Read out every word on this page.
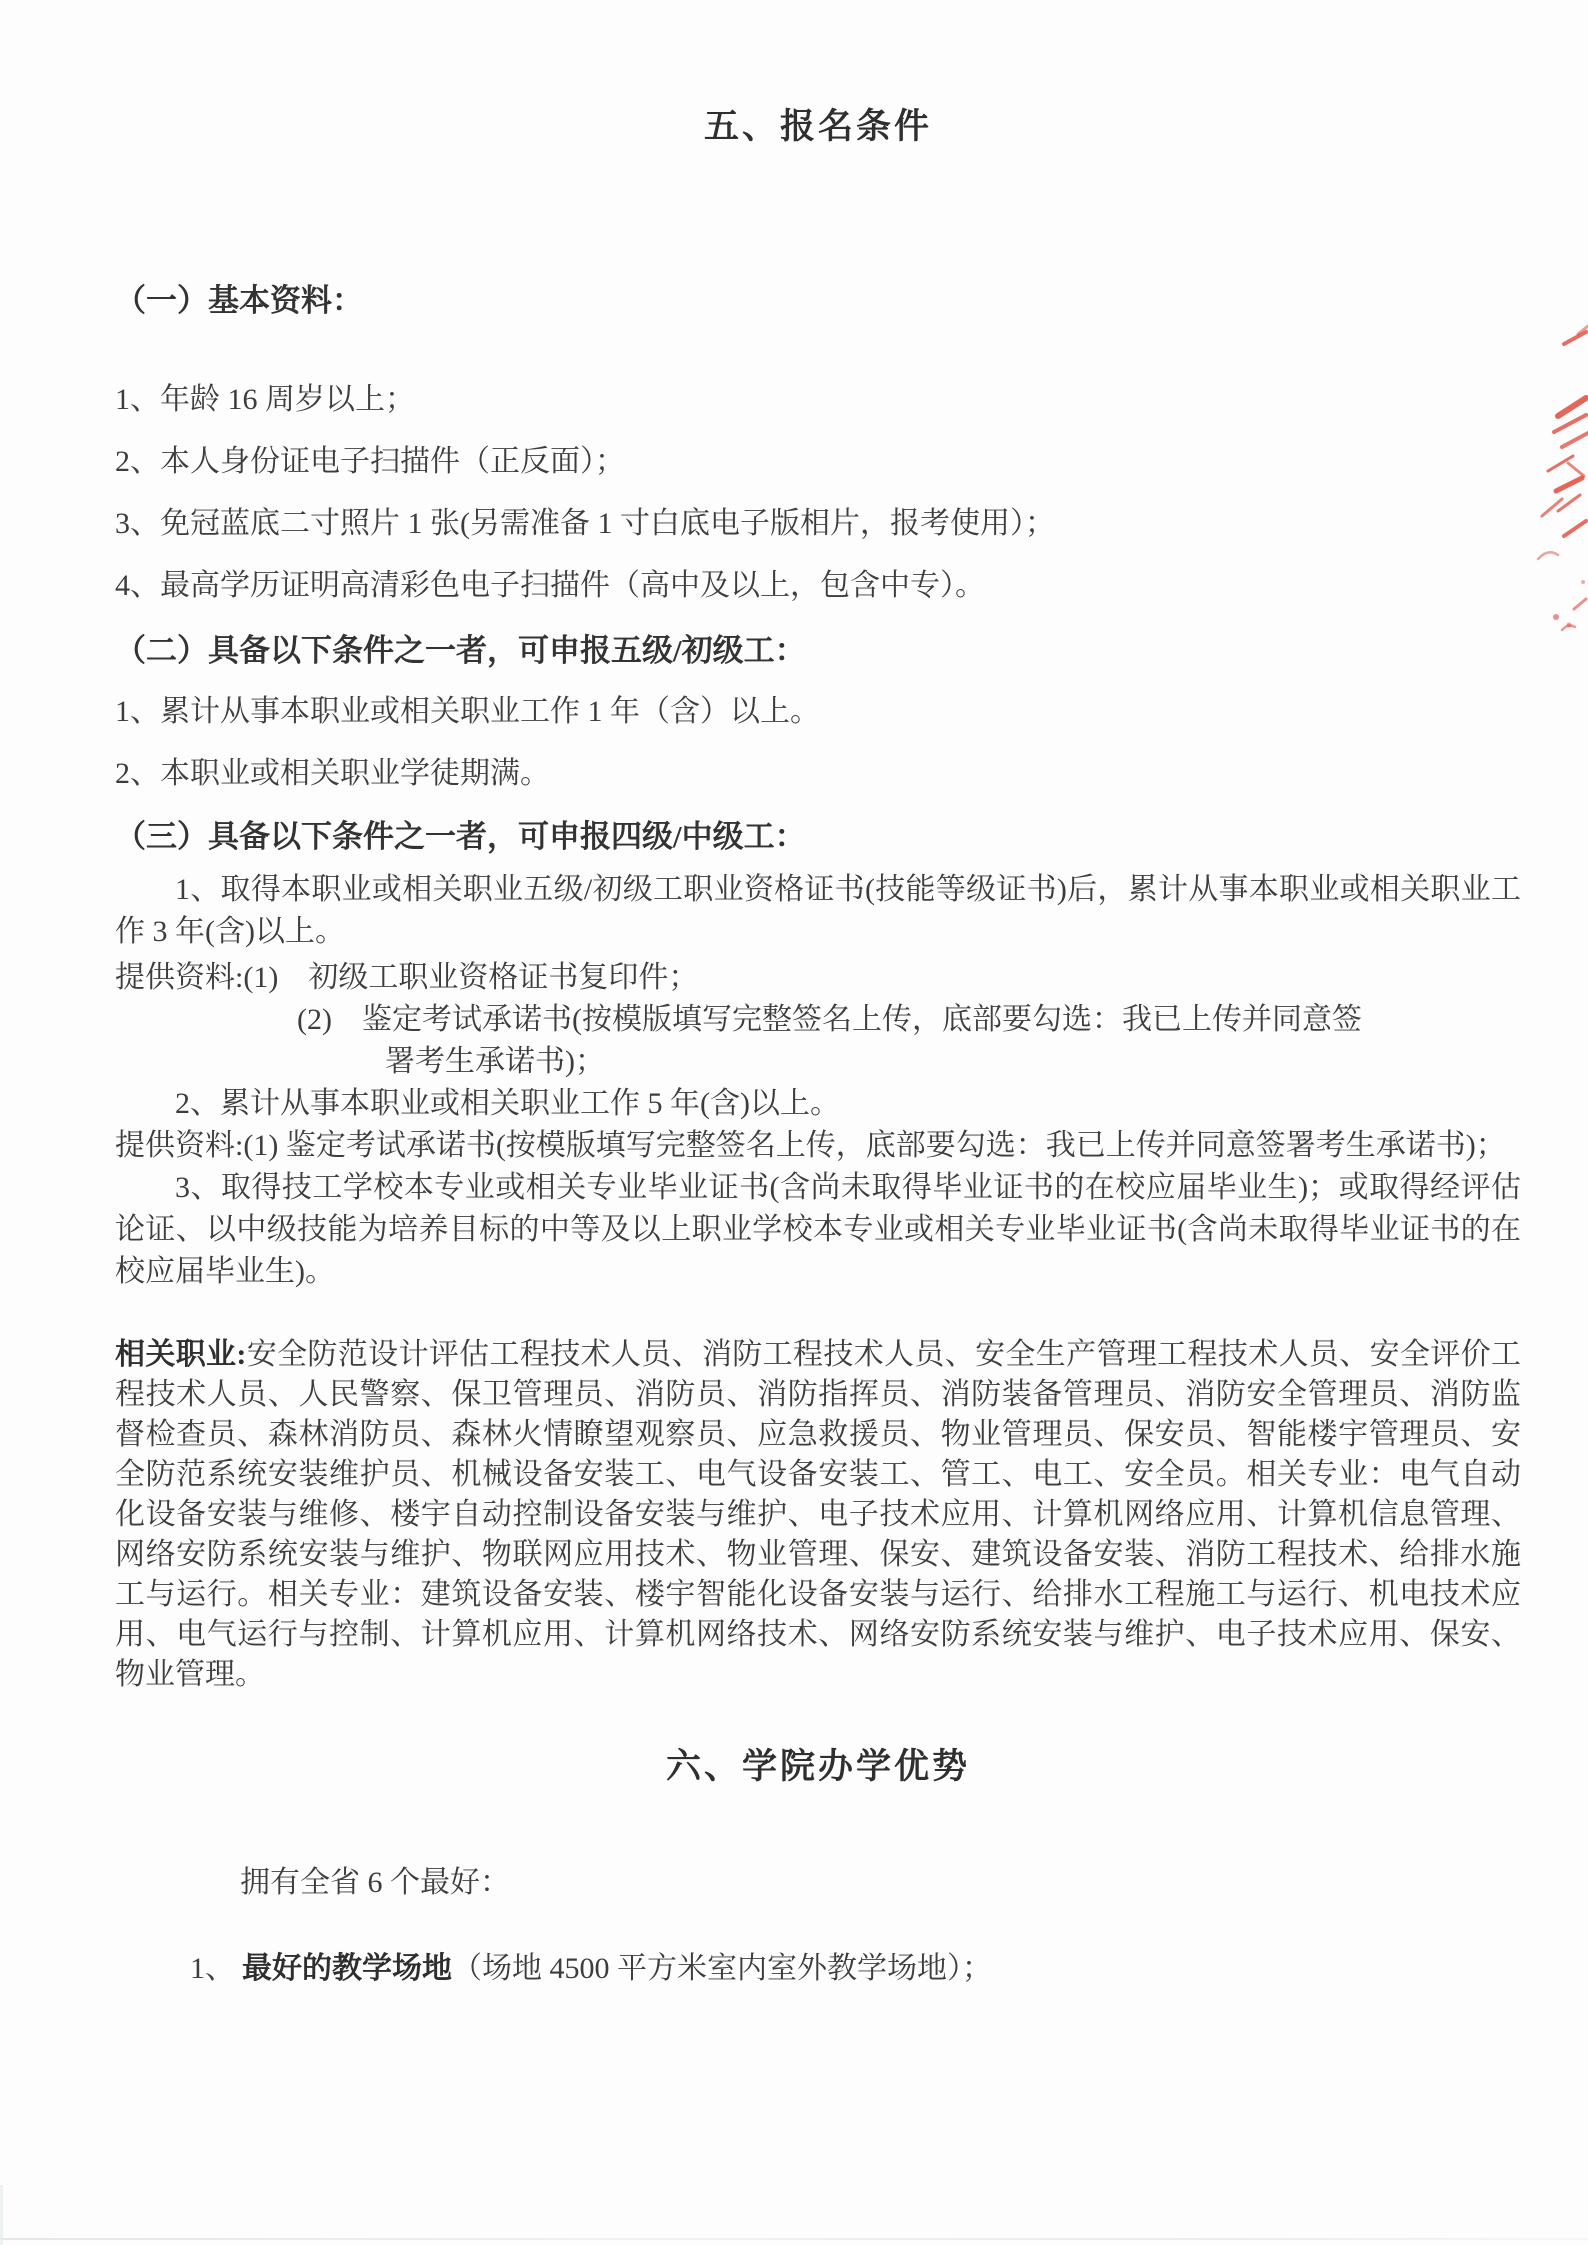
五、报名条件
（一）基本资料：
1、年龄 16 周岁以上；
2、本人身份证电子扫描件（正反面）；
3、免冠蓝底二寸照片 1 张(另需准备 1 寸白底电子版相片，报考使用）；
4、最高学历证明高清彩色电子扫描件（高中及以上，包含中专）。
（二）具备以下条件之一者，可申报五级/初级工：
1、累计从事本职业或相关职业工作 1 年（含）以上。
2、本职业或相关职业学徒期满。
（三）具备以下条件之一者，可申报四级/中级工：
1、取得本职业或相关职业五级/初级工职业资格证书(技能等级证书)后，累计从事本职业或相关职业工作 3 年(含)以上。
提供资料:(1)　初级工职业资格证书复印件；
(2)　鉴定考试承诺书(按模版填写完整签名上传，底部要勾选：我已上传并同意签
署考生承诺书)；
2、累计从事本职业或相关职业工作 5 年(含)以上。
提供资料:(1) 鉴定考试承诺书(按模版填写完整签名上传，底部要勾选：我已上传并同意签署考生承诺书)；
3、取得技工学校本专业或相关专业毕业证书(含尚未取得毕业证书的在校应届毕业生)；或取得经评估论证、以中级技能为培养目标的中等及以上职业学校本专业或相关专业毕业证书(含尚未取得毕业证书的在校应届毕业生)。
相关职业:安全防范设计评估工程技术人员、消防工程技术人员、安全生产管理工程技术人员、安全评价工程技术人员、人民警察、保卫管理员、消防员、消防指挥员、消防装备管理员、消防安全管理员、消防监督检查员、森林消防员、森林火情瞭望观察员、应急救援员、物业管理员、保安员、智能楼宇管理员、安全防范系统安装维护员、机械设备安装工、电气设备安装工、管工、电工、安全员。相关专业：电气自动化设备安装与维修、楼宇自动控制设备安装与维护、电子技术应用、计算机网络应用、计算机信息管理、网络安防系统安装与维护、物联网应用技术、物业管理、保安、建筑设备安装、消防工程技术、给排水施工与运行。相关专业：建筑设备安装、楼宇智能化设备安装与运行、给排水工程施工与运行、机电技术应用、电气运行与控制、计算机应用、计算机网络技术、网络安防系统安装与维护、电子技术应用、保安、物业管理。
六、学院办学优势
拥有全省 6 个最好：
1、 最好的教学场地（场地 4500 平方米室内室外教学场地）；
